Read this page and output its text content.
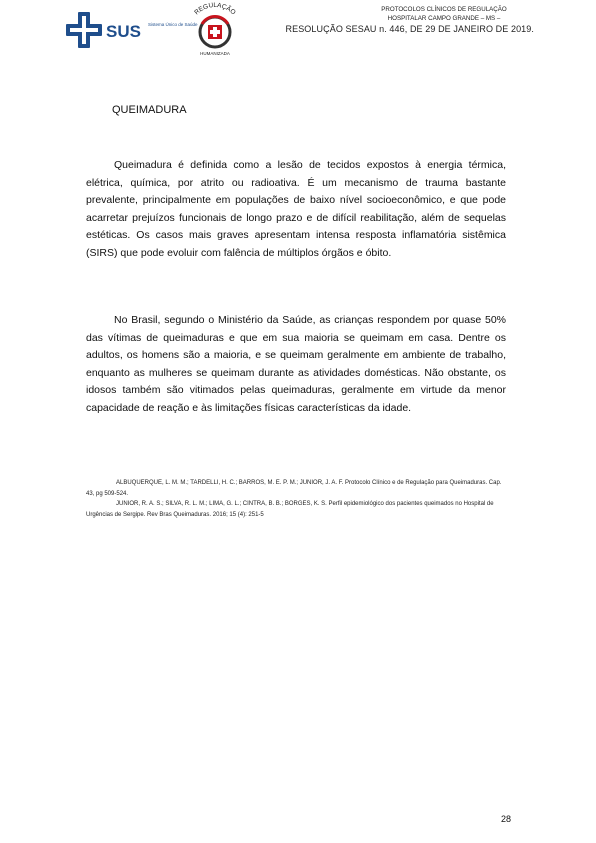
SUS Sistema Único de Saúde
REGULAÇÃO
HUMANIZADA
PROTOCOLOS CLÍNICOS DE REGULAÇÃO
HOSPITALAR CAMPO GRANDE – MS –
RESOLUÇÃO SESAU n. 446, DE 29 DE JANEIRO DE 2019.
QUEIMADURA

Queimadura é definida como a lesão de tecidos expostos à energia térmica, elétrica, química, por atrito ou radioativa. É um mecanismo de trauma bastante prevalente, principalmente em populações de baixo nível socioeconômico, e que pode acarretar prejuízos funcionais de longo prazo e de difícil reabilitação, além de sequelas estéticas. Os casos mais graves apresentam intensa resposta inflamatória sistêmica (SIRS) que pode evoluir com falência de múltiplos órgãos e óbito.

No Brasil, segundo o Ministério da Saúde, as crianças respondem por quase 50% das vítimas de queimaduras e que em sua maioria se queimam em casa. Dentre os adultos, os homens são a maioria, e se queimam geralmente em ambiente de trabalho, enquanto as mulheres se queimam durante as atividades domésticas. Não obstante, os idosos também são vitimados pelas queimaduras, geralmente em virtude da menor capacidade de reação e às limitações físicas características da idade.

ALBUQUERQUE, L. M. M.; TARDELLI, H. C.; BARROS, M. E. P. M.; JUNIOR, J. A. F. Protocolo Clínico e de Regulação para Queimaduras. Cap. 43, pg 509-524.

JUNIOR, R. A. S.; SILVA, R. L. M.; LIMA, G. L.; CINTRA, B. B.; BORGES, K. S. Perfil epidemiológico dos pacientes queimados no Hospital de Urgências de Sergipe. Rev Bras Queimaduras. 2016; 15 (4): 251-5

28
